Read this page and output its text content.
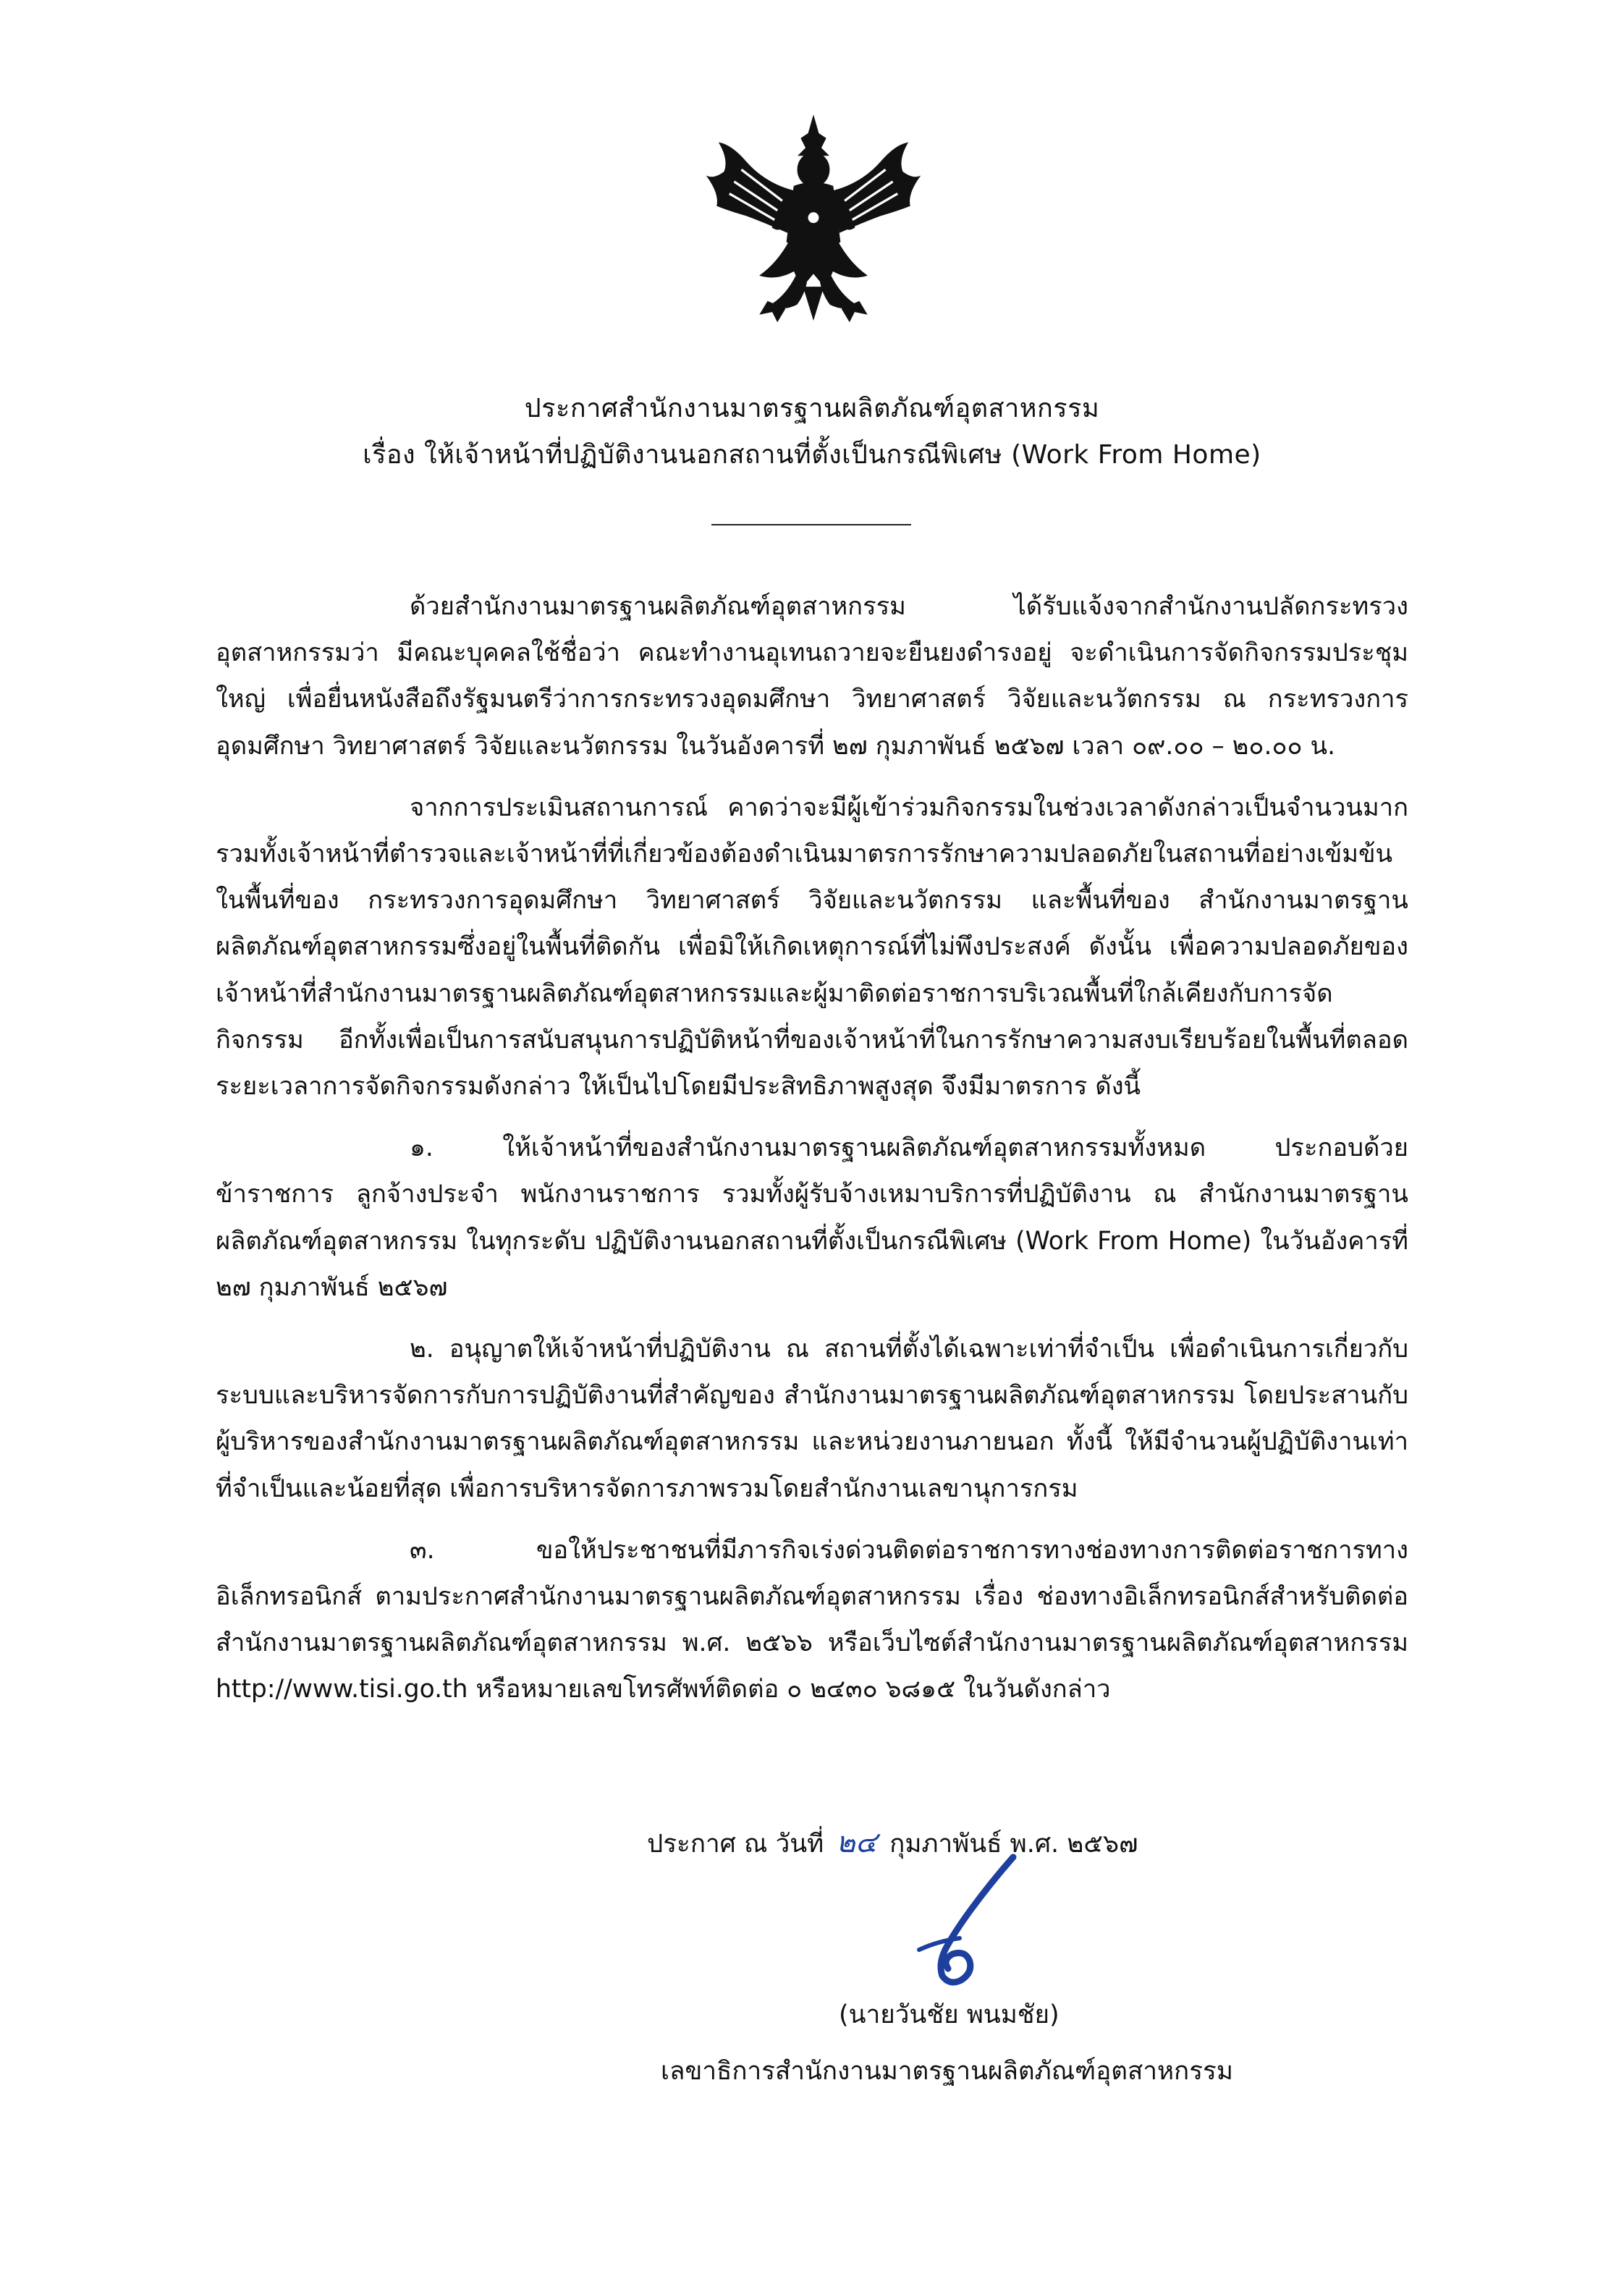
ประกาศสำนักงานมาตรฐานผลิตภัณฑ์อุตสาหกรรม
เรื่อง ให้เจ้าหน้าที่ปฏิบัติงานนอกสถานที่ตั้งเป็นกรณีพิเศษ (Work From Home)

ด้วยสำนักงานมาตรฐานผลิตภัณฑ์อุตสาหกรรม ได้รับแจ้งจากสำนักงานปลัดกระทรวงอุตสาหกรรมว่า มีคณะบุคคลใช้ชื่อว่า คณะทำงานอุเทนถวายจะยืนยงดำรงอยู่ จะดำเนินการจัดกิจกรรมประชุมใหญ่ เพื่อยื่นหนังสือถึงรัฐมนตรีว่าการกระทรวงอุดมศึกษา วิทยาศาสตร์ วิจัยและนวัตกรรม ณ กระทรวงการอุดมศึกษา วิทยาศาสตร์ วิจัยและนวัตกรรม ในวันอังคารที่ ๒๗ กุมภาพันธ์ ๒๕๖๗ เวลา ๐๙.๐๐ – ๒๐.๐๐ น.

จากการประเมินสถานการณ์ คาดว่าจะมีผู้เข้าร่วมกิจกรรมในช่วงเวลาดังกล่าวเป็นจำนวนมาก รวมทั้งเจ้าหน้าที่ตำรวจและเจ้าหน้าที่ที่เกี่ยวข้องต้องดำเนินมาตรการรักษาความปลอดภัยในสถานที่อย่างเข้มข้น ในพื้นที่ของ กระทรวงการอุดมศึกษา วิทยาศาสตร์ วิจัยและนวัตกรรม และพื้นที่ของ สำนักงานมาตรฐานผลิตภัณฑ์อุตสาหกรรมซึ่งอยู่ในพื้นที่ติดกัน เพื่อมิให้เกิดเหตุการณ์ที่ไม่พึงประสงค์ ดังนั้น เพื่อความปลอดภัยของเจ้าหน้าที่สำนักงานมาตรฐานผลิตภัณฑ์อุตสาหกรรมและผู้มาติดต่อราชการบริเวณพื้นที่ใกล้เคียงกับการจัดกิจกรรม อีกทั้งเพื่อเป็นการสนับสนุนการปฏิบัติหน้าที่ของเจ้าหน้าที่ในการรักษาความสงบเรียบร้อยในพื้นที่ตลอดระยะเวลาการจัดกิจกรรมดังกล่าว ให้เป็นไปโดยมีประสิทธิภาพสูงสุด จึงมีมาตรการ ดังนี้

๑. ให้เจ้าหน้าที่ของสำนักงานมาตรฐานผลิตภัณฑ์อุตสาหกรรมทั้งหมด ประกอบด้วย ข้าราชการ ลูกจ้างประจำ พนักงานราชการ รวมทั้งผู้รับจ้างเหมาบริการที่ปฏิบัติงาน ณ สำนักงานมาตรฐานผลิตภัณฑ์อุตสาหกรรม ในทุกระดับ ปฏิบัติงานนอกสถานที่ตั้งเป็นกรณีพิเศษ (Work From Home) ในวันอังคารที่ ๒๗ กุมภาพันธ์ ๒๕๖๗

๒. อนุญาตให้เจ้าหน้าที่ปฏิบัติงาน ณ สถานที่ตั้งได้เฉพาะเท่าที่จำเป็น เพื่อดำเนินการเกี่ยวกับระบบและบริหารจัดการกับการปฏิบัติงานที่สำคัญของ สำนักงานมาตรฐานผลิตภัณฑ์อุตสาหกรรม โดยประสานกับผู้บริหารของสำนักงานมาตรฐานผลิตภัณฑ์อุตสาหกรรม และหน่วยงานภายนอก ทั้งนี้ ให้มีจำนวนผู้ปฏิบัติงานเท่าที่จำเป็นและน้อยที่สุด เพื่อการบริหารจัดการภาพรวมโดยสำนักงานเลขานุการกรม

๓. ขอให้ประชาชนที่มีภารกิจเร่งด่วนติดต่อราชการทางช่องทางการติดต่อราชการทางอิเล็กทรอนิกส์ ตามประกาศสำนักงานมาตรฐานผลิตภัณฑ์อุตสาหกรรม เรื่อง ช่องทางอิเล็กทรอนิกส์สำหรับติดต่อสำนักงานมาตรฐานผลิตภัณฑ์อุตสาหกรรม พ.ศ. ๒๕๖๖ หรือเว็บไซต์สำนักงานมาตรฐานผลิตภัณฑ์อุตสาหกรรม http://www.tisi.go.th หรือหมายเลขโทรศัพท์ติดต่อ ๐ ๒๔๓๐ ๖๘๑๕ ในวันดังกล่าว

ประกาศ ณ วันที่ ๒๔ กุมภาพันธ์ พ.ศ. ๒๕๖๗
(นายวันชัย พนมชัย)
เลขาธิการสำนักงานมาตรฐานผลิตภัณฑ์อุตสาหกรรม
